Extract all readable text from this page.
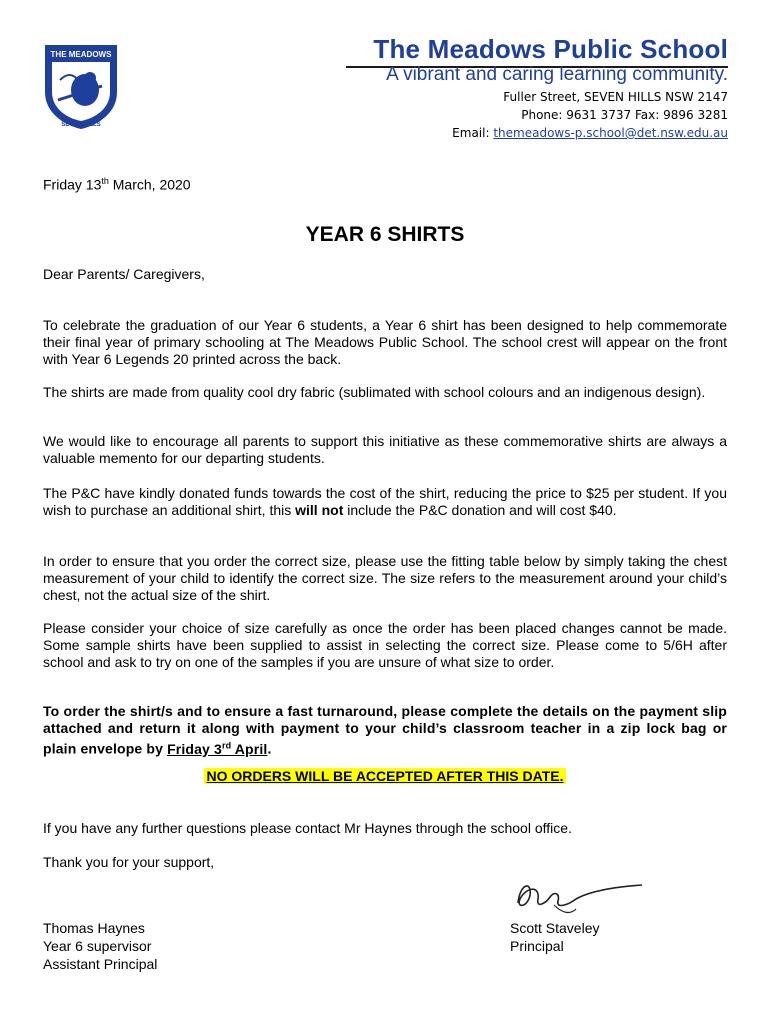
THE MEADOWS
SEVEN HILLS
The Meadows Public School
A vibrant and caring learning community.
Fuller Street, SEVEN HILLS NSW 2147
Phone: 9631 3737 Fax: 9896 3281
Email: themeadows-p.school@det.nsw.edu.au
Friday 13th March, 2020
YEAR 6 SHIRTS
Dear Parents/ Caregivers,

To celebrate the graduation of our Year 6 students, a Year 6 shirt has been designed to help commemorate their final year of primary schooling at The Meadows Public School. The school crest will appear on the front with Year 6 Legends 20 printed across the back.

The shirts are made from quality cool dry fabric (sublimated with school colours and an indigenous design).

We would like to encourage all parents to support this initiative as these commemorative shirts are always a valuable memento for our departing students.

The P&C have kindly donated funds towards the cost of the shirt, reducing the price to $25 per student. If you wish to purchase an additional shirt, this will not include the P&C donation and will cost $40.

In order to ensure that you order the correct size, please use the fitting table below by simply taking the chest measurement of your child to identify the correct size. The size refers to the measurement around your child’s chest, not the actual size of the shirt.

Please consider your choice of size carefully as once the order has been placed changes cannot be made. Some sample shirts have been supplied to assist in selecting the correct size. Please come to 5/6H after school and ask to try on one of the samples if you are unsure of what size to order.

To order the shirt/s and to ensure a fast turnaround, please complete the details on the payment slip attached and return it along with payment to your child’s classroom teacher in a zip lock bag or plain envelope by Friday 3rd April.

NO ORDERS WILL BE ACCEPTED AFTER THIS DATE.
If you have any further questions please contact Mr Haynes through the school office.
Thank you for your support,
Thomas Haynes
Year 6 supervisor
Assistant Principal
Scott Staveley
Principal
